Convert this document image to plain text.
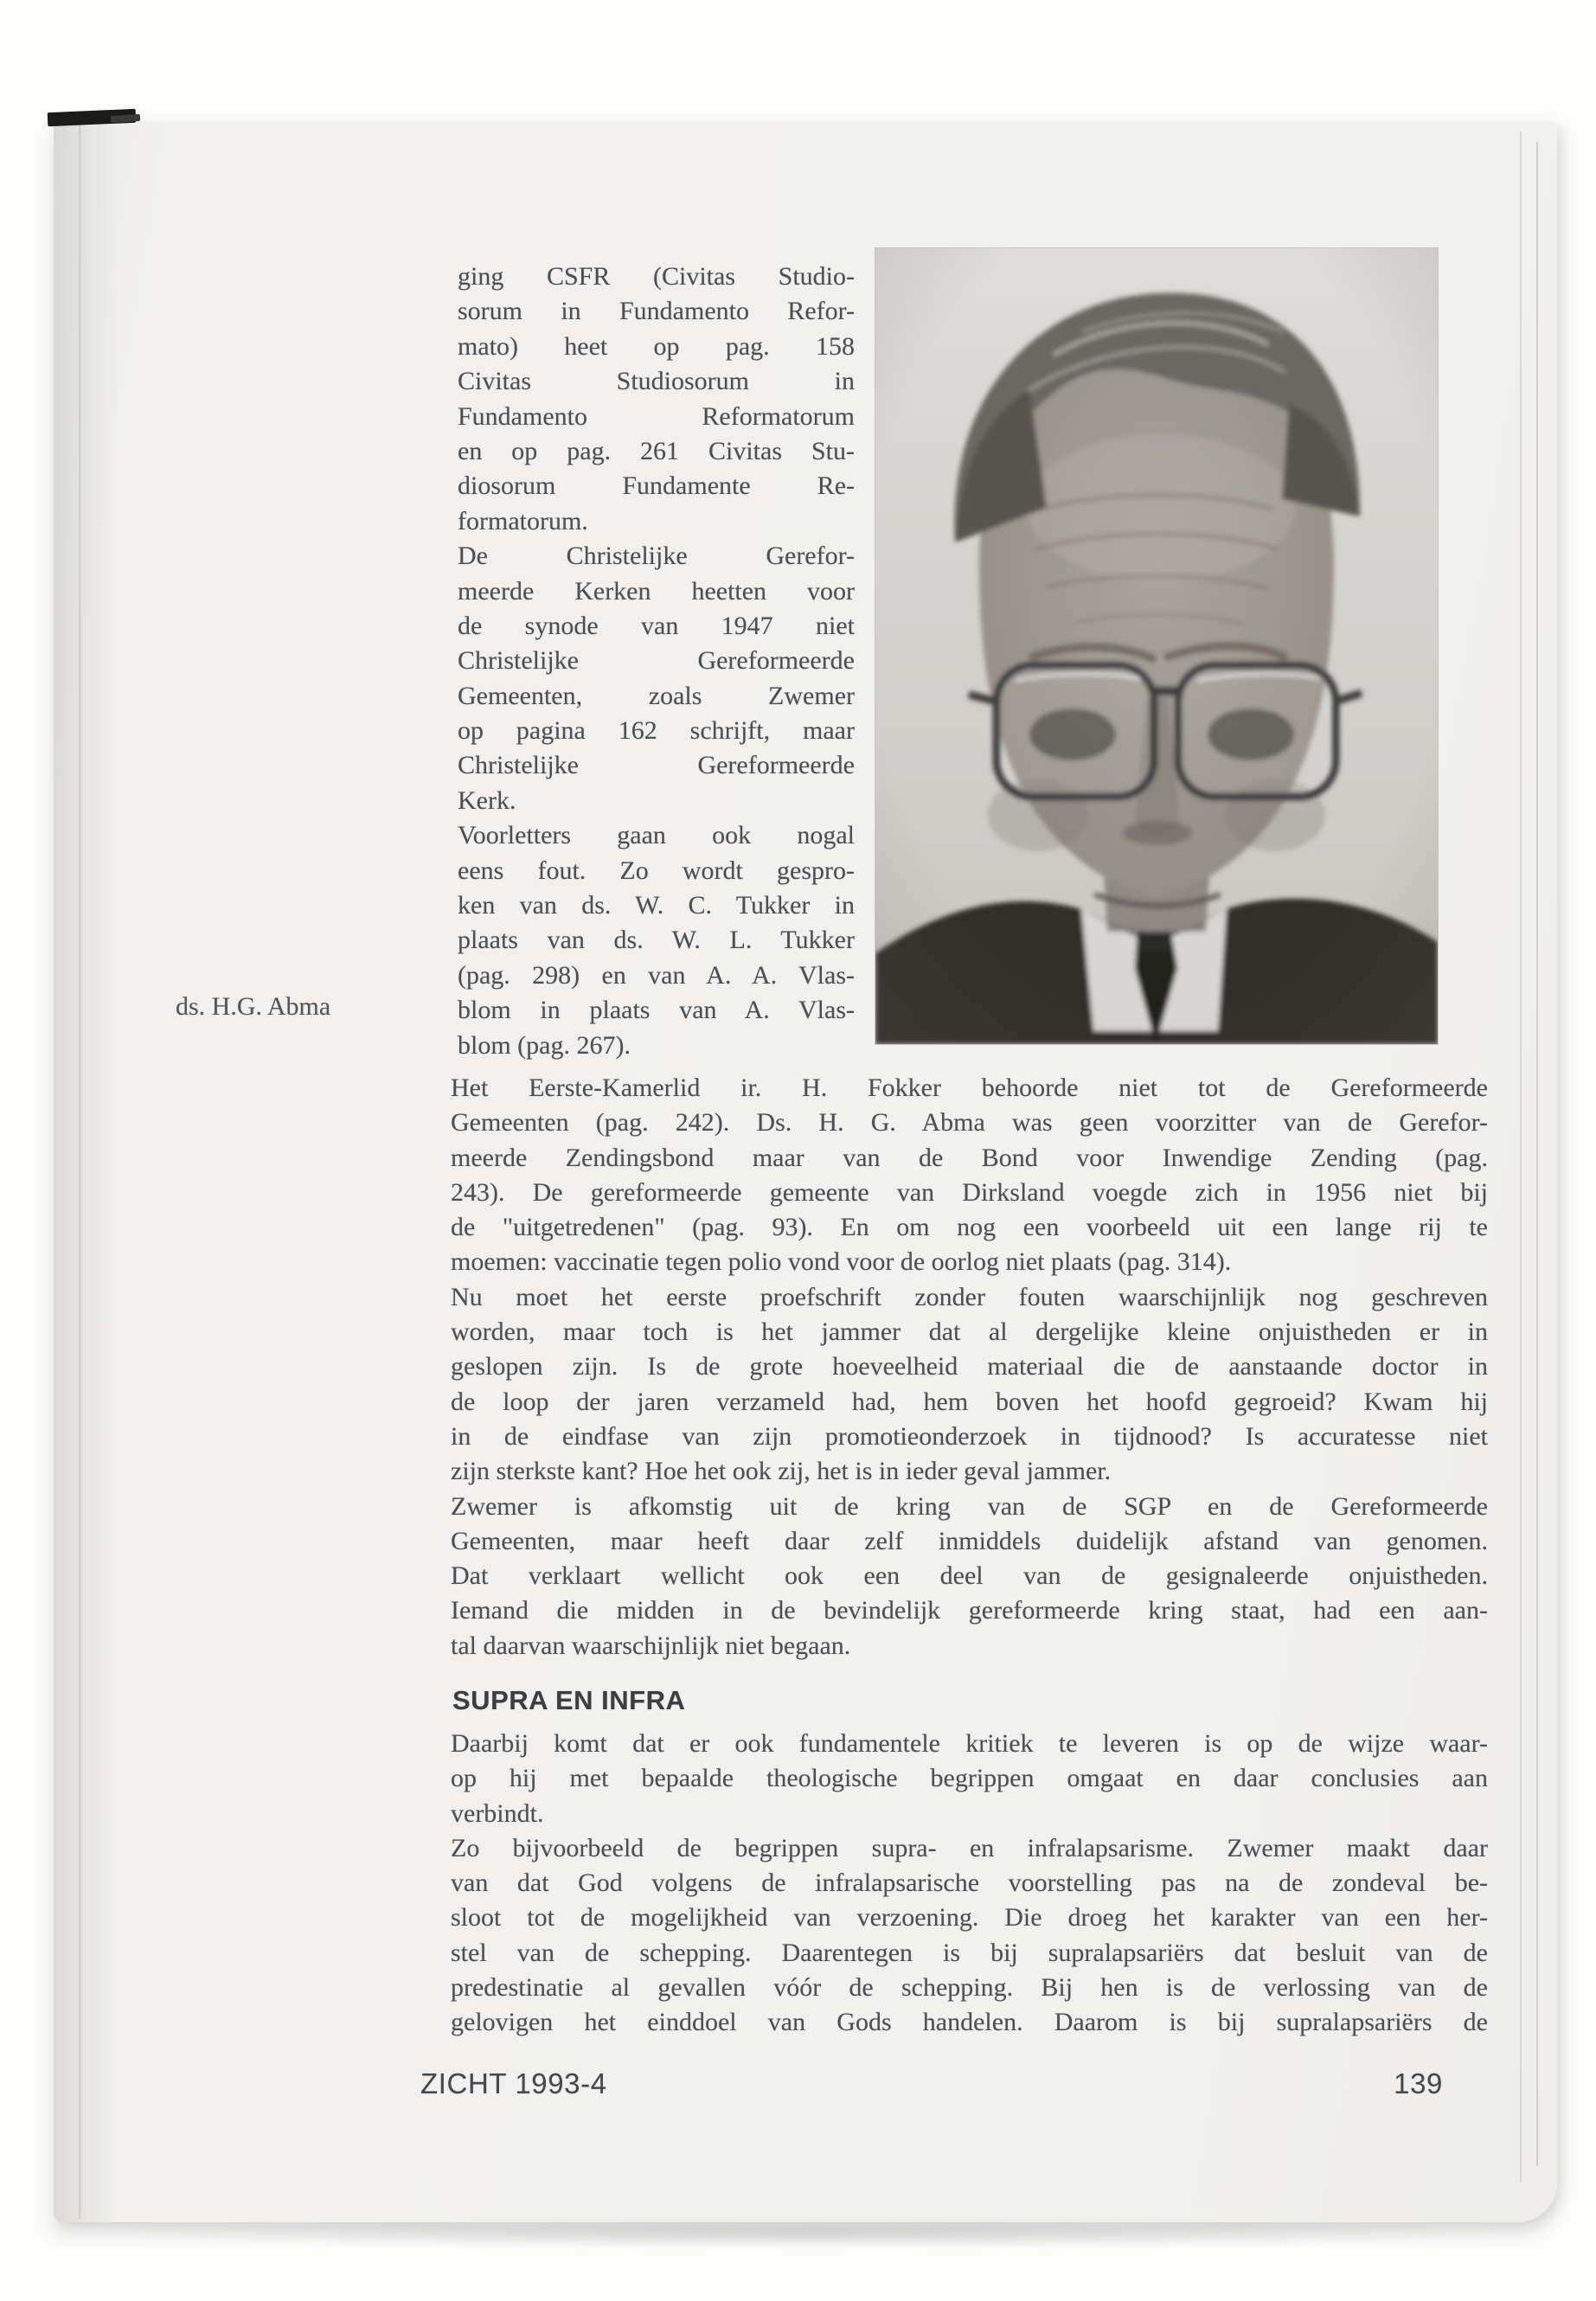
ging CSFR (Civitas Studio-
sorum in Fundamento Refor-
mato) heet op pag. 158
Civitas Studiosorum in
Fundamento Reformatorum
en op pag. 261 Civitas Stu-
diosorum Fundamente Re-
formatorum.
De Christelijke Gerefor-
meerde Kerken heetten voor
de synode van 1947 niet
Christelijke Gereformeerde
Gemeenten, zoals Zwemer
op pagina 162 schrijft, maar
Christelijke Gereformeerde
Kerk.
Voorletters gaan ook nogal
eens fout. Zo wordt gespro-
ken van ds. W. C. Tukker in
plaats van ds. W. L. Tukker
(pag. 298) en van A. A. Vlas-
blom in plaats van A. Vlas-
blom (pag. 267).
ds. H.G. Abma
Het Eerste-Kamerlid ir. H. Fokker behoorde niet tot de Gereformeerde
Gemeenten (pag. 242). Ds. H. G. Abma was geen voorzitter van de Gerefor-
meerde Zendingsbond maar van de Bond voor Inwendige Zending (pag.
243). De gereformeerde gemeente van Dirksland voegde zich in 1956 niet bij
de "uitgetredenen" (pag. 93). En om nog een voorbeeld uit een lange rij te
moemen: vaccinatie tegen polio vond voor de oorlog niet plaats (pag. 314).
Nu moet het eerste proefschrift zonder fouten waarschijnlijk nog geschreven
worden, maar toch is het jammer dat al dergelijke kleine onjuistheden er in
geslopen zijn. Is de grote hoeveelheid materiaal die de aanstaande doctor in
de loop der jaren verzameld had, hem boven het hoofd gegroeid? Kwam hij
in de eindfase van zijn promotieonderzoek in tijdnood? Is accuratesse niet
zijn sterkste kant? Hoe het ook zij, het is in ieder geval jammer.
Zwemer is afkomstig uit de kring van de SGP en de Gereformeerde
Gemeenten, maar heeft daar zelf inmiddels duidelijk afstand van genomen.
Dat verklaart wellicht ook een deel van de gesignaleerde onjuistheden.
Iemand die midden in de bevindelijk gereformeerde kring staat, had een aan-
tal daarvan waarschijnlijk niet begaan.
SUPRA EN INFRA
Daarbij komt dat er ook fundamentele kritiek te leveren is op de wijze waar-
op hij met bepaalde theologische begrippen omgaat en daar conclusies aan
verbindt.
Zo bijvoorbeeld de begrippen supra- en infralapsarisme. Zwemer maakt daar
van dat God volgens de infralapsarische voorstelling pas na de zondeval be-
sloot tot de mogelijkheid van verzoening. Die droeg het karakter van een her-
stel van de schepping. Daarentegen is bij supralapsariërs dat besluit van de
predestinatie al gevallen vóór de schepping. Bij hen is de verlossing van de
gelovigen het einddoel van Gods handelen. Daarom is bij supralapsariërs de
ZICHT 1993-4	139
